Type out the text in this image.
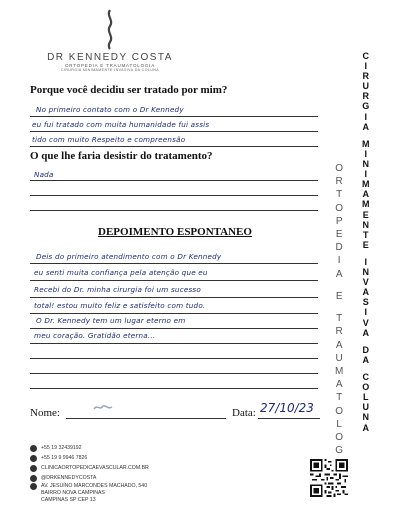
DR KENNEDY COSTA
ORTOPEDIA E TRAUMATOLOGIA
CIRURGIA MINIMAMENTE INVASIVA DA COLUNA
Porque você decidiu ser tratado por mim?
No primeiro contato com o Dr Kennedy
eu fui tratado com muita humanidade fui assis
tido com muito Respeito e compreensão
O que lhe faria desistir do tratamento?
Nada
DEPOIMENTO ESPONTANEO
Deis do primeiro atendimento com o Dr Kennedy
eu senti muita confiança pela atenção que eu
Recebi do Dr. minha cirurgia foi um sucesso
total! estou muito feliz e satisfeito com tudo.
O Dr. Kennedy tem um lugar eterno em
meu coração. Gratidão eterna...
O
R
T
O
P
E
D
I
A
E
T
R
A
U
M
A
T
O
L
O
G
C
I
R
U
R
G
I
A
M
I
N
I
M
A
M
E
N
T
E
I
N
V
A
S
I
V
A
D
A
C
O
L
U
N
A
Nome:	Data: 27/10/23
+55 19 32439192
+55 19 9 9946 7826
CLINICAORTOPEDICAEVASCULAR.COM.BR
@DRKENNEDYCOSTA
AV. JESUÍNO MARCONDES MACHADO, 540
BAIRRO NOVA CAMPINAS
CAMPINAS SP CEP 13
